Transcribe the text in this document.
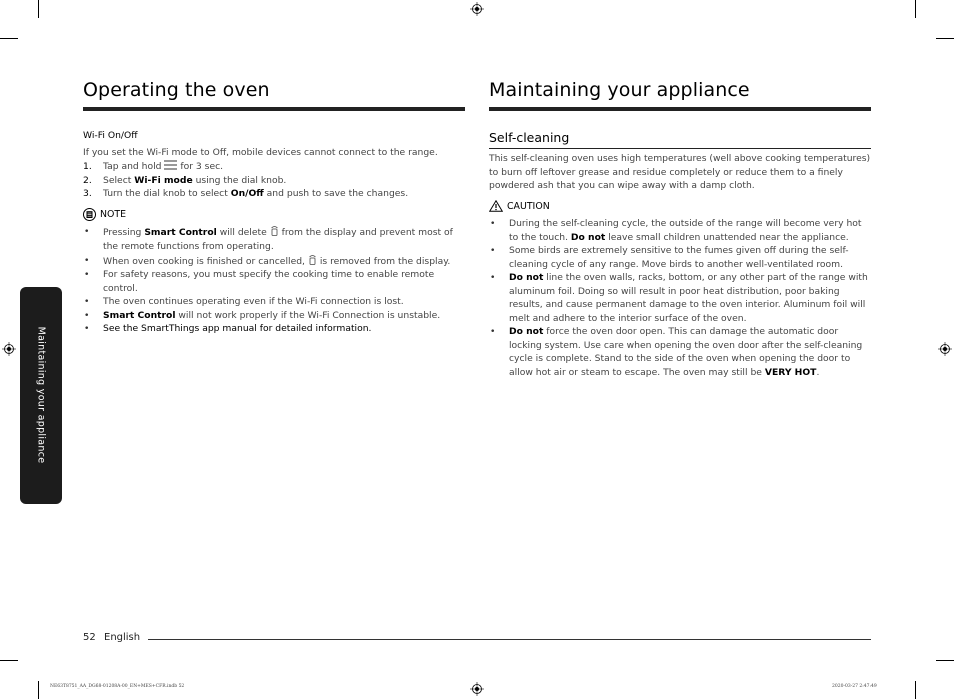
Operating the oven
Wi-Fi On/Off
If you set the Wi-Fi mode to Off, mobile devices cannot connect to the range.
1. Tap and hold  for 3 sec.
2. Select Wi-Fi mode using the dial knob.
3. Turn the dial knob to select On/Off and push to save the changes.
NOTE
• Pressing Smart Control will delete  from the display and prevent most of the remote functions from operating.
• When oven cooking is finished or cancelled,  is removed from the display.
• For safety reasons, you must specify the cooking time to enable remote control.
• The oven continues operating even if the Wi-Fi connection is lost.
• Smart Control will not work properly if the Wi-Fi Connection is unstable.
• See the SmartThings app manual for detailed information.
Maintaining your appliance
Self-cleaning
This self-cleaning oven uses high temperatures (well above cooking temperatures) to burn off leftover grease and residue completely or reduce them to a finely powdered ash that you can wipe away with a damp cloth.
CAUTION
• During the self-cleaning cycle, the outside of the range will become very hot to the touch. Do not leave small children unattended near the appliance.
• Some birds are extremely sensitive to the fumes given off during the self-cleaning cycle of any range. Move birds to another well-ventilated room.
• Do not line the oven walls, racks, bottom, or any other part of the range with aluminum foil. Doing so will result in poor heat distribution, poor baking results, and cause permanent damage to the oven interior. Aluminum foil will melt and adhere to the interior surface of the oven.
• Do not force the oven door open. This can damage the automatic door locking system. Use care when opening the oven door after the self-cleaning cycle is complete. Stand to the side of the oven when opening the door to allow hot air or steam to escape. The oven may still be VERY HOT.
Maintaining your appliance
52 English
NE63T8751_AA_DG68-01208A-00_EN+MES+CFR.indb 52	2020-03-27 2:47:49
